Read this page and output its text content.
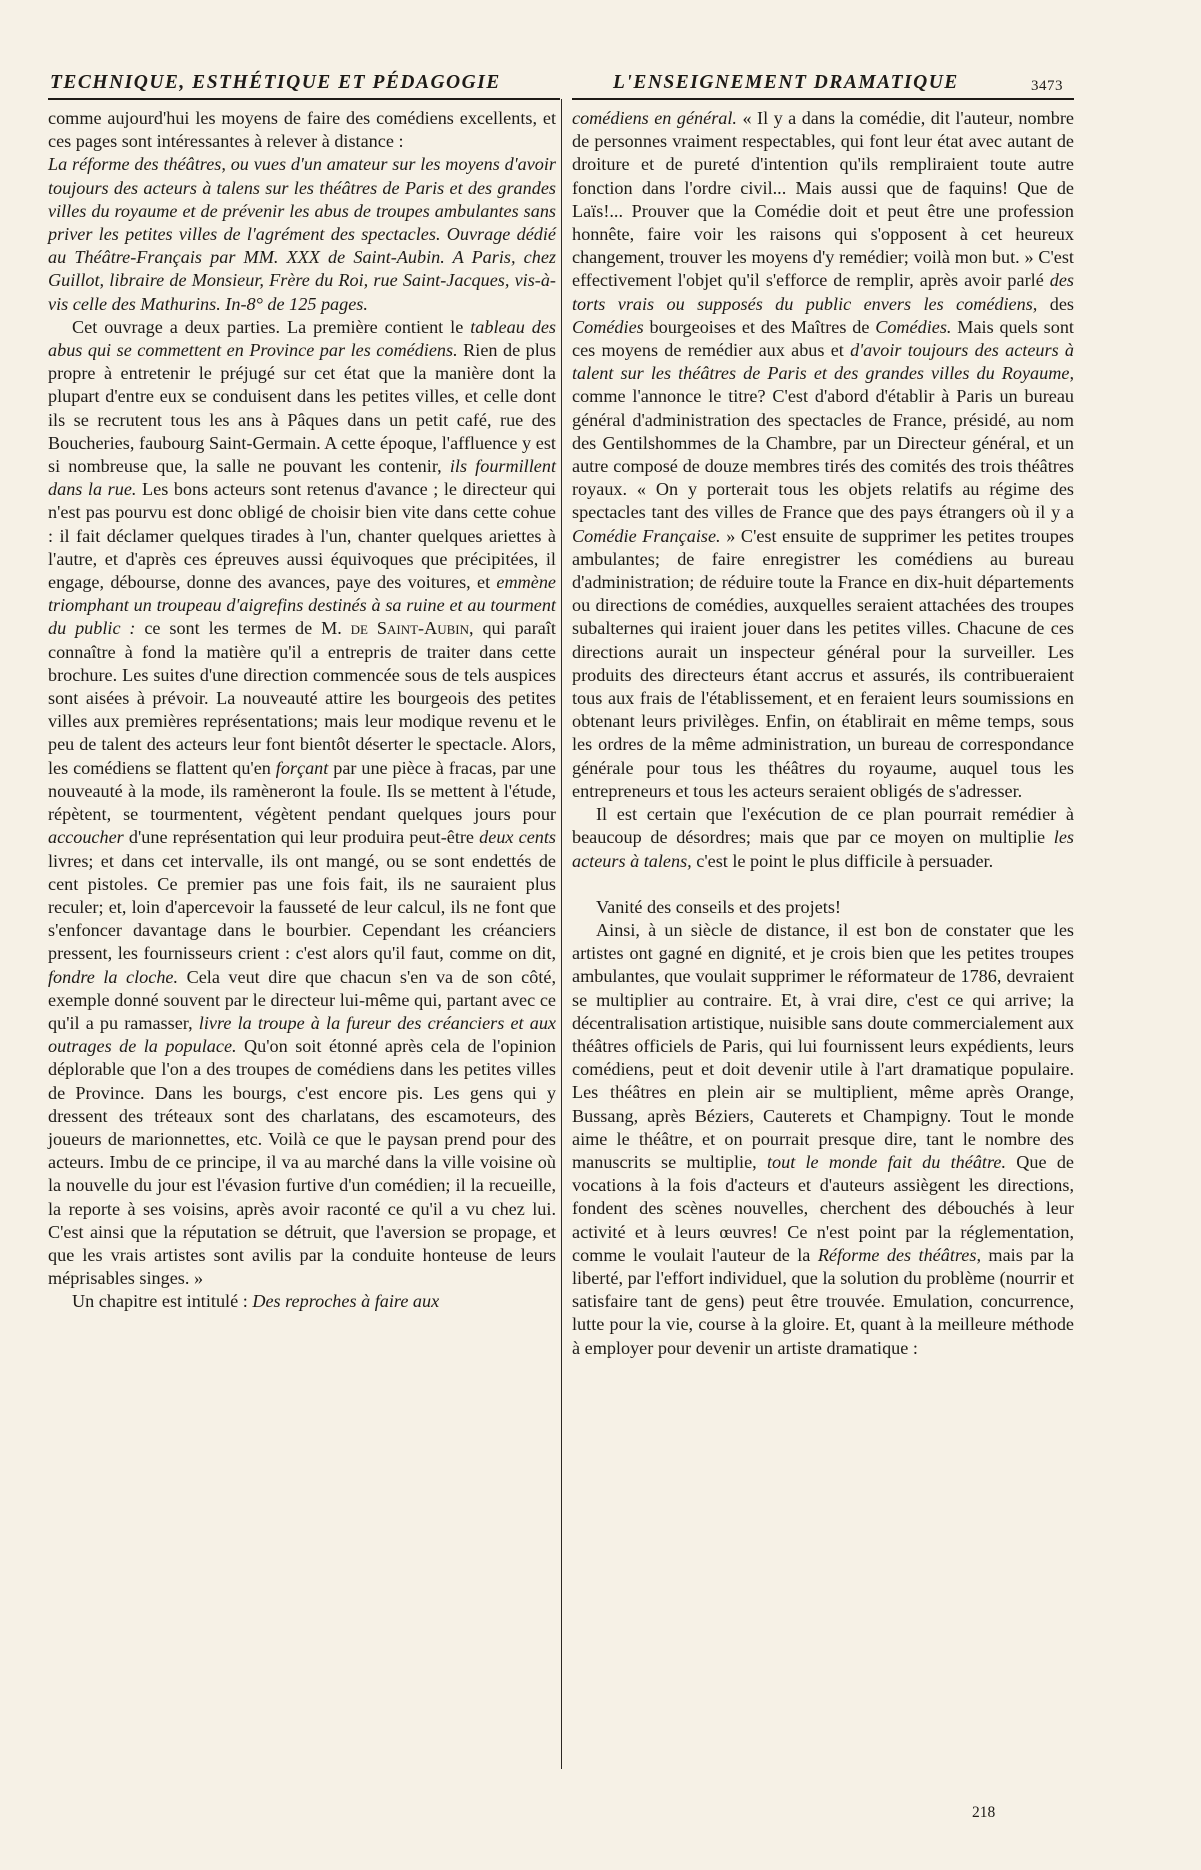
TECHNIQUE, ESTHÉTIQUE ET PÉDAGOGIE	L'ENSEIGNEMENT DRAMATIQUE	3473

comme aujourd'hui les moyens de faire des comédiens excellents, et ces pages sont intéressantes à relever à distance :

La réforme des théâtres, ou vues d'un amateur sur les moyens d'avoir toujours des acteurs à talens sur les théâtres de Paris et des grandes villes du royaume et de prévenir les abus de troupes ambulantes sans priver les petites villes de l'agrément des spectacles. Ouvrage dédié au Théâtre-Français par MM. XXX de Saint-Aubin. A Paris, chez Guillot, libraire de Monsieur, Frère du Roi, rue Saint-Jacques, vis-à-vis celle des Mathurins. In-8° de 125 pages.

Cet ouvrage a deux parties. La première contient le tableau des abus qui se commettent en Province par les comédiens. Rien de plus propre à entretenir le préjugé sur cet état que la manière dont la plupart d'entre eux se conduisent dans les petites villes, et celle dont ils se recrutent tous les ans à Pâques dans un petit café, rue des Boucheries, faubourg Saint-Germain. A cette époque, l'affluence y est si nombreuse que, la salle ne pouvant les contenir, ils fourmillent dans la rue. Les bons acteurs sont retenus d'avance ; le directeur qui n'est pas pourvu est donc obligé de choisir bien vite dans cette cohue : il fait déclamer quelques tirades à l'un, chanter quelques ariettes à l'autre, et d'après ces épreuves aussi équivoques que précipitées, il engage, débourse, donne des avances, paye des voitures, et emmène triomphant un troupeau d'aigrefins destinés à sa ruine et au tourment du public : ce sont les termes de M. de Saint-Aubin, qui paraît connaître à fond la matière qu'il a entrepris de traiter dans cette brochure. Les suites d'une direction commencée sous de tels auspices sont aisées à prévoir. La nouveauté attire les bourgeois des petites villes aux premières représentations; mais leur modique revenu et le peu de talent des acteurs leur font bientôt déserter le spectacle. Alors, les comédiens se flattent qu'en forçant par une pièce à fracas, par une nouveauté à la mode, ils ramèneront la foule. Ils se mettent à l'étude, répètent, se tourmentent, végètent pendant quelques jours pour accoucher d'une représentation qui leur produira peut-être deux cents livres; et dans cet intervalle, ils ont mangé, ou se sont endettés de cent pistoles. Ce premier pas une fois fait, ils ne sauraient plus reculer; et, loin d'apercevoir la fausseté de leur calcul, ils ne font que s'enfoncer davantage dans le bourbier. Cependant les créanciers pressent, les fournisseurs crient : c'est alors qu'il faut, comme on dit, fondre la cloche. Cela veut dire que chacun s'en va de son côté, exemple donné souvent par le directeur lui-même qui, partant avec ce qu'il a pu ramasser, livre la troupe à la fureur des créanciers et aux outrages de la populace. Qu'on soit étonné après cela de l'opinion déplorable que l'on a des troupes de comédiens dans les petites villes de Province. Dans les bourgs, c'est encore pis. Les gens qui y dressent des tréteaux sont des charlatans, des escamoteurs, des joueurs de marionnettes, etc. Voilà ce que le paysan prend pour des acteurs. Imbu de ce principe, il va au marché dans la ville voisine où la nouvelle du jour est l'évasion furtive d'un comédien; il la recueille, la reporte à ses voisins, après avoir raconté ce qu'il a vu chez lui. C'est ainsi que la réputation se détruit, que l'aversion se propage, et que les vrais artistes sont avilis par la conduite honteuse de leurs méprisables singes. »

Un chapitre est intitulé : Des reproches à faire aux

comédiens en général. « Il y a dans la comédie, dit l'auteur, nombre de personnes vraiment respectables, qui font leur état avec autant de droiture et de pureté d'intention qu'ils rempliraient toute autre fonction dans l'ordre civil... Mais aussi que de faquins! Que de Laïs!... Prouver que la Comédie doit et peut être une profession honnête, faire voir les raisons qui s'opposent à cet heureux changement, trouver les moyens d'y remédier; voilà mon but. » C'est effectivement l'objet qu'il s'efforce de remplir, après avoir parlé des torts vrais ou supposés du public envers les comédiens, des Comédies bourgeoises et des Maîtres de Comédies. Mais quels sont ces moyens de remédier aux abus et d'avoir toujours des acteurs à talent sur les théâtres de Paris et des grandes villes du Royaume, comme l'annonce le titre? C'est d'abord d'établir à Paris un bureau général d'administration des spectacles de France, présidé, au nom des Gentilshommes de la Chambre, par un Directeur général, et un autre composé de douze membres tirés des comités des trois théâtres royaux. « On y porterait tous les objets relatifs au régime des spectacles tant des villes de France que des pays étrangers où il y a Comédie Française. » C'est ensuite de supprimer les petites troupes ambulantes; de faire enregistrer les comédiens au bureau d'administration; de réduire toute la France en dix-huit départements ou directions de comédies, auxquelles seraient attachées des troupes subalternes qui iraient jouer dans les petites villes. Chacune de ces directions aurait un inspecteur général pour la surveiller. Les produits des directeurs étant accrus et assurés, ils contribueraient tous aux frais de l'établissement, et en feraient leurs soumissions en obtenant leurs privilèges. Enfin, on établirait en même temps, sous les ordres de la même administration, un bureau de correspondance générale pour tous les théâtres du royaume, auquel tous les entrepreneurs et tous les acteurs seraient obligés de s'adresser.

Il est certain que l'exécution de ce plan pourrait remédier à beaucoup de désordres; mais que par ce moyen on multiplie les acteurs à talens, c'est le point le plus difficile à persuader.

Vanité des conseils et des projets!

Ainsi, à un siècle de distance, il est bon de constater que les artistes ont gagné en dignité, et je crois bien que les petites troupes ambulantes, que voulait supprimer le réformateur de 1786, devraient se multiplier au contraire. Et, à vrai dire, c'est ce qui arrive; la décentralisation artistique, nuisible sans doute commercialement aux théâtres officiels de Paris, qui lui fournissent leurs expédients, leurs comédiens, peut et doit devenir utile à l'art dramatique populaire. Les théâtres en plein air se multiplient, même après Orange, Bussang, après Béziers, Cauterets et Champigny. Tout le monde aime le théâtre, et on pourrait presque dire, tant le nombre des manuscrits se multiplie, tout le monde fait du théâtre. Que de vocations à la fois d'acteurs et d'auteurs assiègent les directions, fondent des scènes nouvelles, cherchent des débouchés à leur activité et à leurs œuvres! Ce n'est point par la réglementation, comme le voulait l'auteur de la Réforme des théâtres, mais par la liberté, par l'effort individuel, que la solution du problème (nourrir et satisfaire tant de gens) peut être trouvée. Emulation, concurrence, lutte pour la vie, course à la gloire. Et, quant à la meilleure méthode à employer pour devenir un artiste dramatique :

218
